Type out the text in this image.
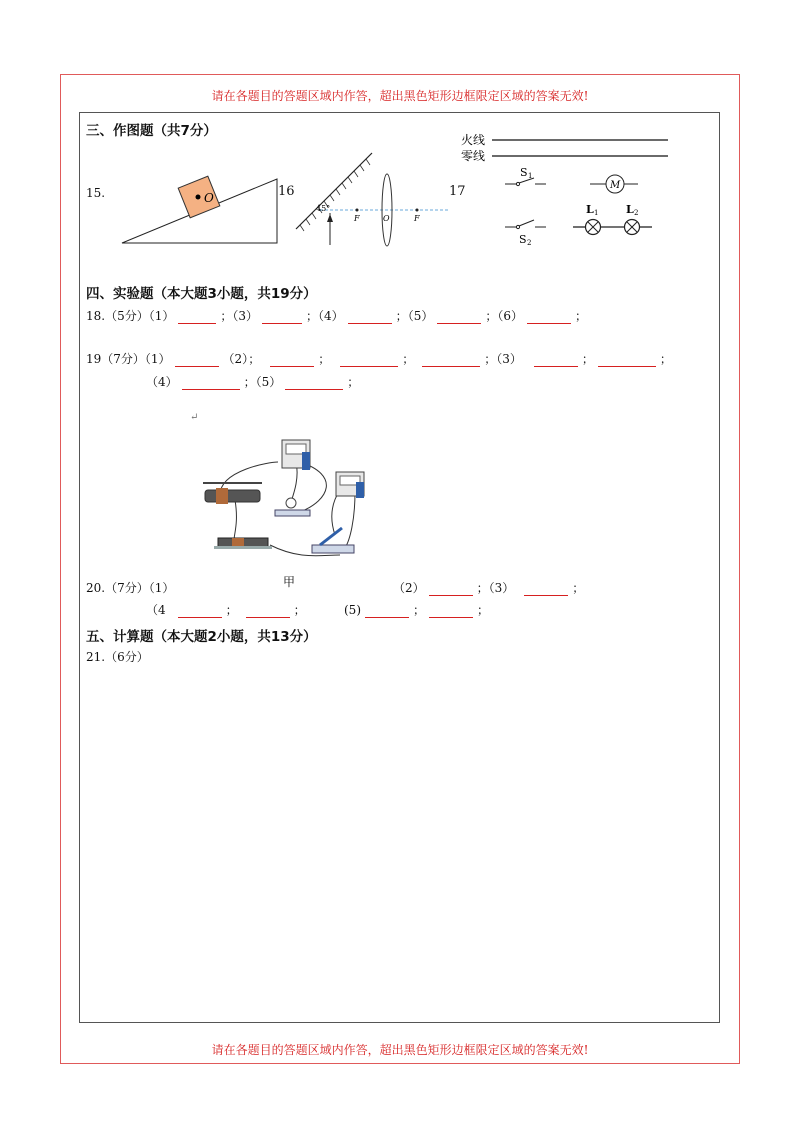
请在各题目的答题区域内作答，超出黑色矩形边框限定区域的答案无效!
请在各题目的答题区域内作答，超出黑色矩形边框限定区域的答案无效!
三、作图题（共7分）
15.	16	17
O
45°
F	O	F
火线
零线
S 1
S 2
M
L 1	L 2
四、实验题（本大题3小题，共19分）
18.（5分）（1）	；（3）	；（4）	；（5）	；（6）	；
19（7分）（1）	（2）；	；	；	；（3）	；	；
（4）	；（5）	；
↵
20.（7分）（1）	甲	（2）	；（3）	；
（4	；	；	(5)	；	；
五、计算题（本大题2小题，共13分）
21.（6分）
